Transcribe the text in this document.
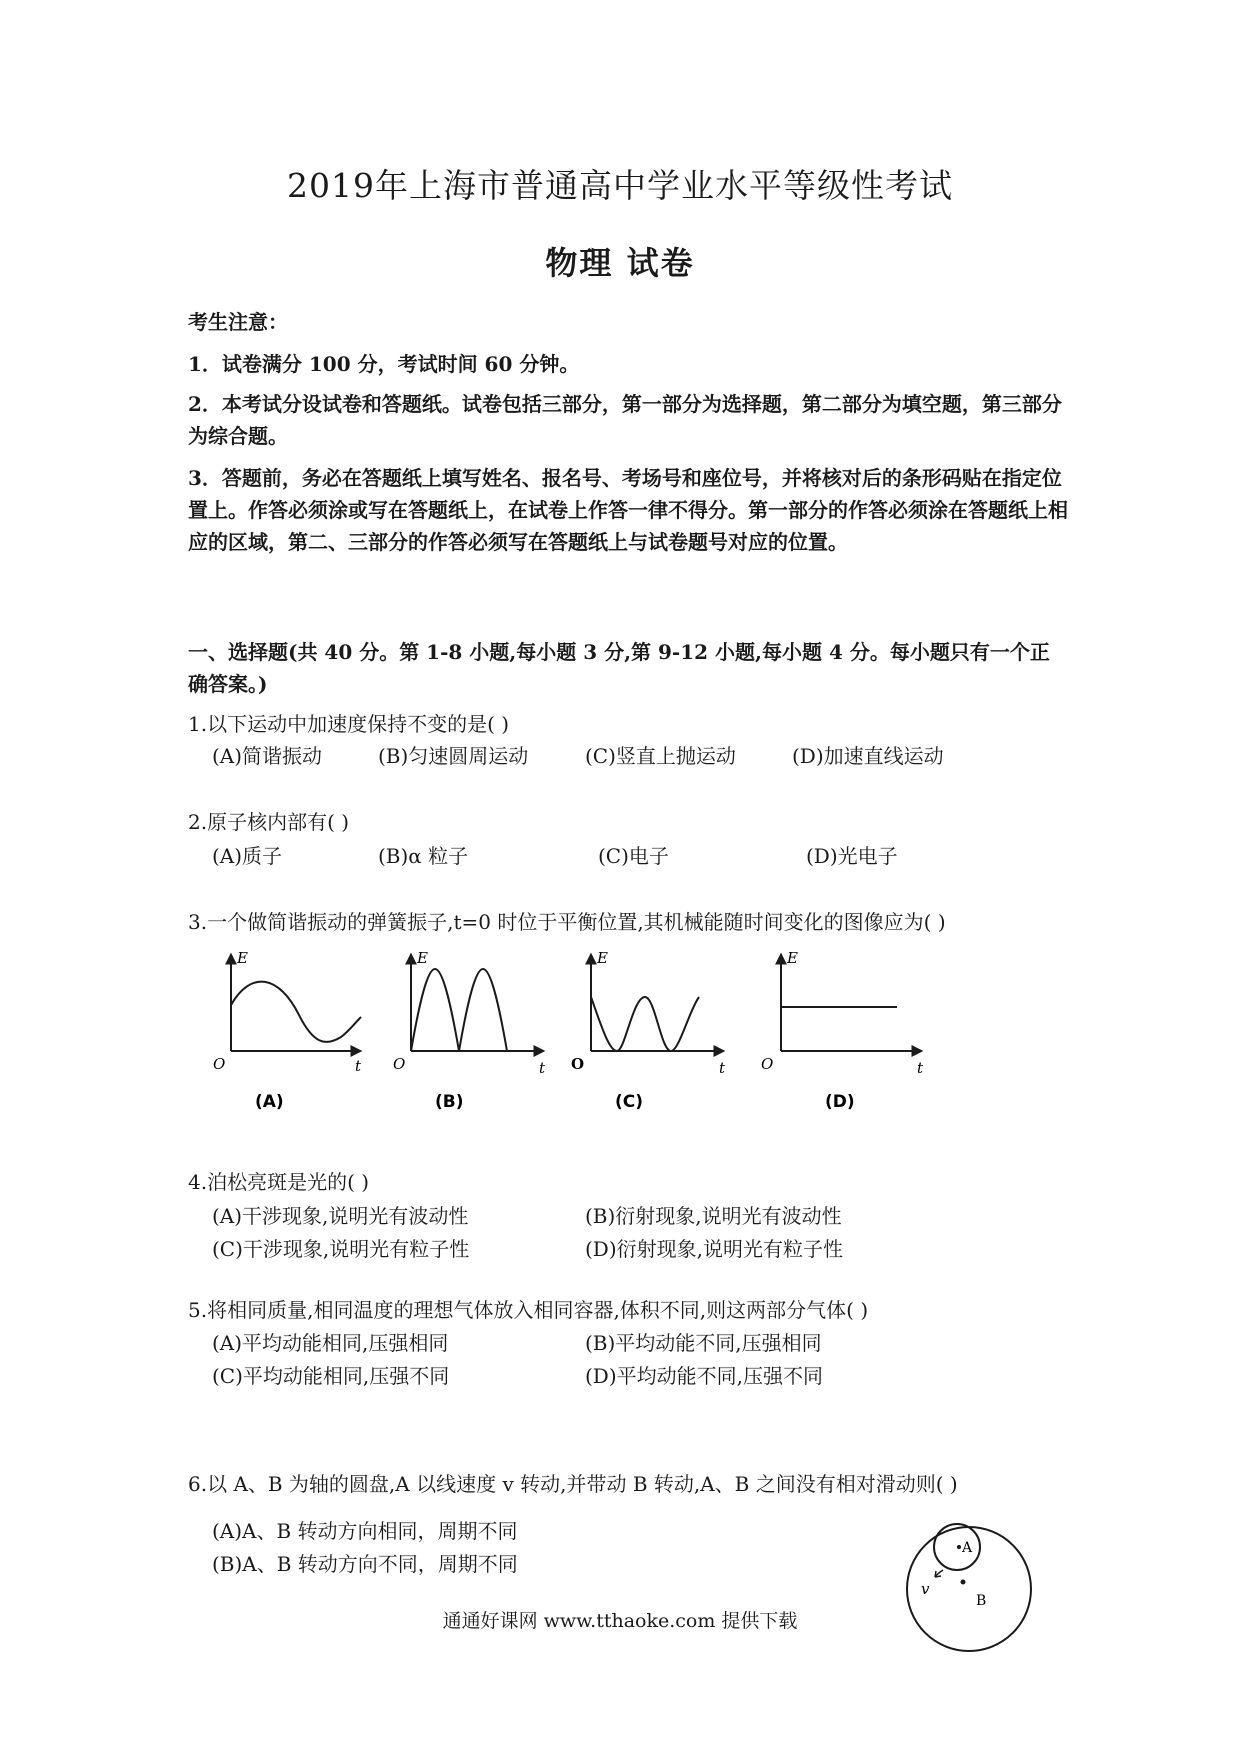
2019年上海市普通高中学业水平等级性考试
物理 试卷
考生注意：
1．试卷满分 100 分，考试时间 60 分钟。
2．本考试分设试卷和答题纸。试卷包括三部分，第一部分为选择题，第二部分为填空题，第三部分为综合题。
3．答题前，务必在答题纸上填写姓名、报名号、考场号和座位号，并将核对后的条形码贴在指定位置上。作答必须涂或写在答题纸上，在试卷上作答一律不得分。第一部分的作答必须涂在答题纸上相应的区域，第二、三部分的作答必须写在答题纸上与试卷题号对应的位置。
一、选择题(共 40 分。第 1-8 小题,每小题 3 分,第 9-12 小题,每小题 4 分。每小题只有一个正确答案。)
1.以下运动中加速度保持不变的是( )
(A)简谐振动	(B)匀速圆周运动	(C)竖直上抛运动	(D)加速直线运动
2.原子核内部有( )
(A)质子	(B)α 粒子	(C)电子	(D)光电子
3.一个做简谐振动的弹簧振子,t=0 时位于平衡位置,其机械能随时间变化的图像应为( )
E
O	t
(A)
E
O	t
(B)
E
O	t
(C)
E
O	t
(D)
4.泊松亮斑是光的( )
(A)干涉现象,说明光有波动性	(B)衍射现象,说明光有波动性
(C)干涉现象,说明光有粒子性	(D)衍射现象,说明光有粒子性
5.将相同质量,相同温度的理想气体放入相同容器,体积不同,则这两部分气体( )
(A)平均动能相同,压强相同	(B)平均动能不同,压强相同
(C)平均动能相同,压强不同	(D)平均动能不同,压强不同
6.以 A、B 为轴的圆盘,A 以线速度 v 转动,并带动 B 转动,A、B 之间没有相对滑动则( )
(A)A、B 转动方向相同，周期不同
(B)A、B 转动方向不同，周期不同
A
B
v
通通好课网 www.tthaoke.com 提供下载
